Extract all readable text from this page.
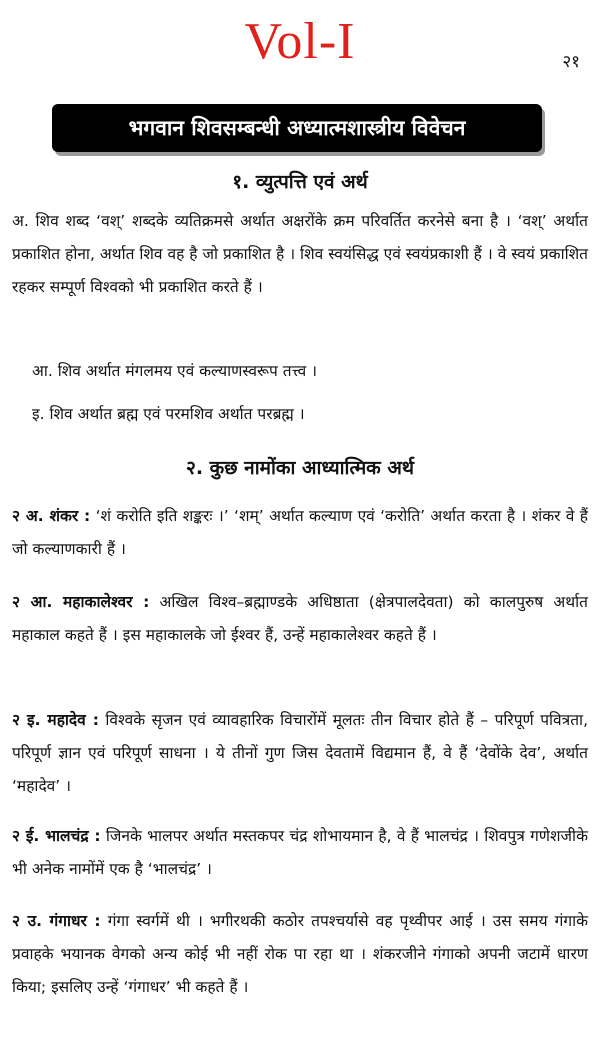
Vol-I	२१
भगवान शिवसम्बन्धी अध्यात्मशास्त्रीय विवेचन
१. व्युत्पत्ति एवं अर्थ

अ. शिव शब्द ‘वश्’ शब्दके व्यतिक्रमसे अर्थात अक्षरोंके क्रम परिवर्तित करनेसे बना है । ‘वश्’ अर्थात प्रकाशित होना, अर्थात शिव वह है जो प्रकाशित है । शिव स्वयंसिद्ध एवं स्वयंप्रकाशी हैं । वे स्वयं प्रकाशित रहकर सम्पूर्ण विश्वको भी प्रकाशित करते हैं ।

आ. शिव अर्थात मंगलमय एवं कल्याणस्वरूप तत्त्व ।

इ. शिव अर्थात ब्रह्म एवं परमशिव अर्थात परब्रह्म ।

२. कुछ नामोंका आध्यात्मिक अर्थ

२ अ. शंकर : ‘शं करोति इति शङ्करः ।’ ‘शम्’ अर्थात कल्याण एवं ‘करोति’ अर्थात करता है । शंकर वे हैं जो कल्याणकारी हैं ।

२ आ. महाकालेश्वर : अखिल विश्व–ब्रह्माण्डके अधिष्ठाता (क्षेत्रपालदेवता) को कालपुरुष अर्थात महाकाल कहते हैं । इस महाकालके जो ईश्वर हैं, उन्हें महाकालेश्वर कहते हैं ।

२ इ. महादेव : विश्वके सृजन एवं व्यावहारिक विचारोंमें मूलतः तीन विचार होते हैं – परिपूर्ण पवित्रता, परिपूर्ण ज्ञान एवं परिपूर्ण साधना । ये तीनों गुण जिस देवतामें विद्यमान हैं, वे हैं ‘देवोंके देव’, अर्थात ‘महादेव’ ।

२ ई. भालचंद्र : जिनके भालपर अर्थात मस्तकपर चंद्र शोभायमान है, वे हैं भालचंद्र । शिवपुत्र गणेशजीके भी अनेक नामोंमें एक है ‘भालचंद्र’ ।

२ उ. गंगाधर : गंगा स्वर्गमें थी । भगीरथकी कठोर तपश्चर्यासे वह पृथ्वीपर आई । उस समय गंगाके प्रवाहके भयानक वेगको अन्य कोई भी नहीं रोक पा रहा था । शंकरजीने गंगाको अपनी जटामें धारण किया; इसलिए उन्हें ‘गंगाधर’ भी कहते हैं ।
